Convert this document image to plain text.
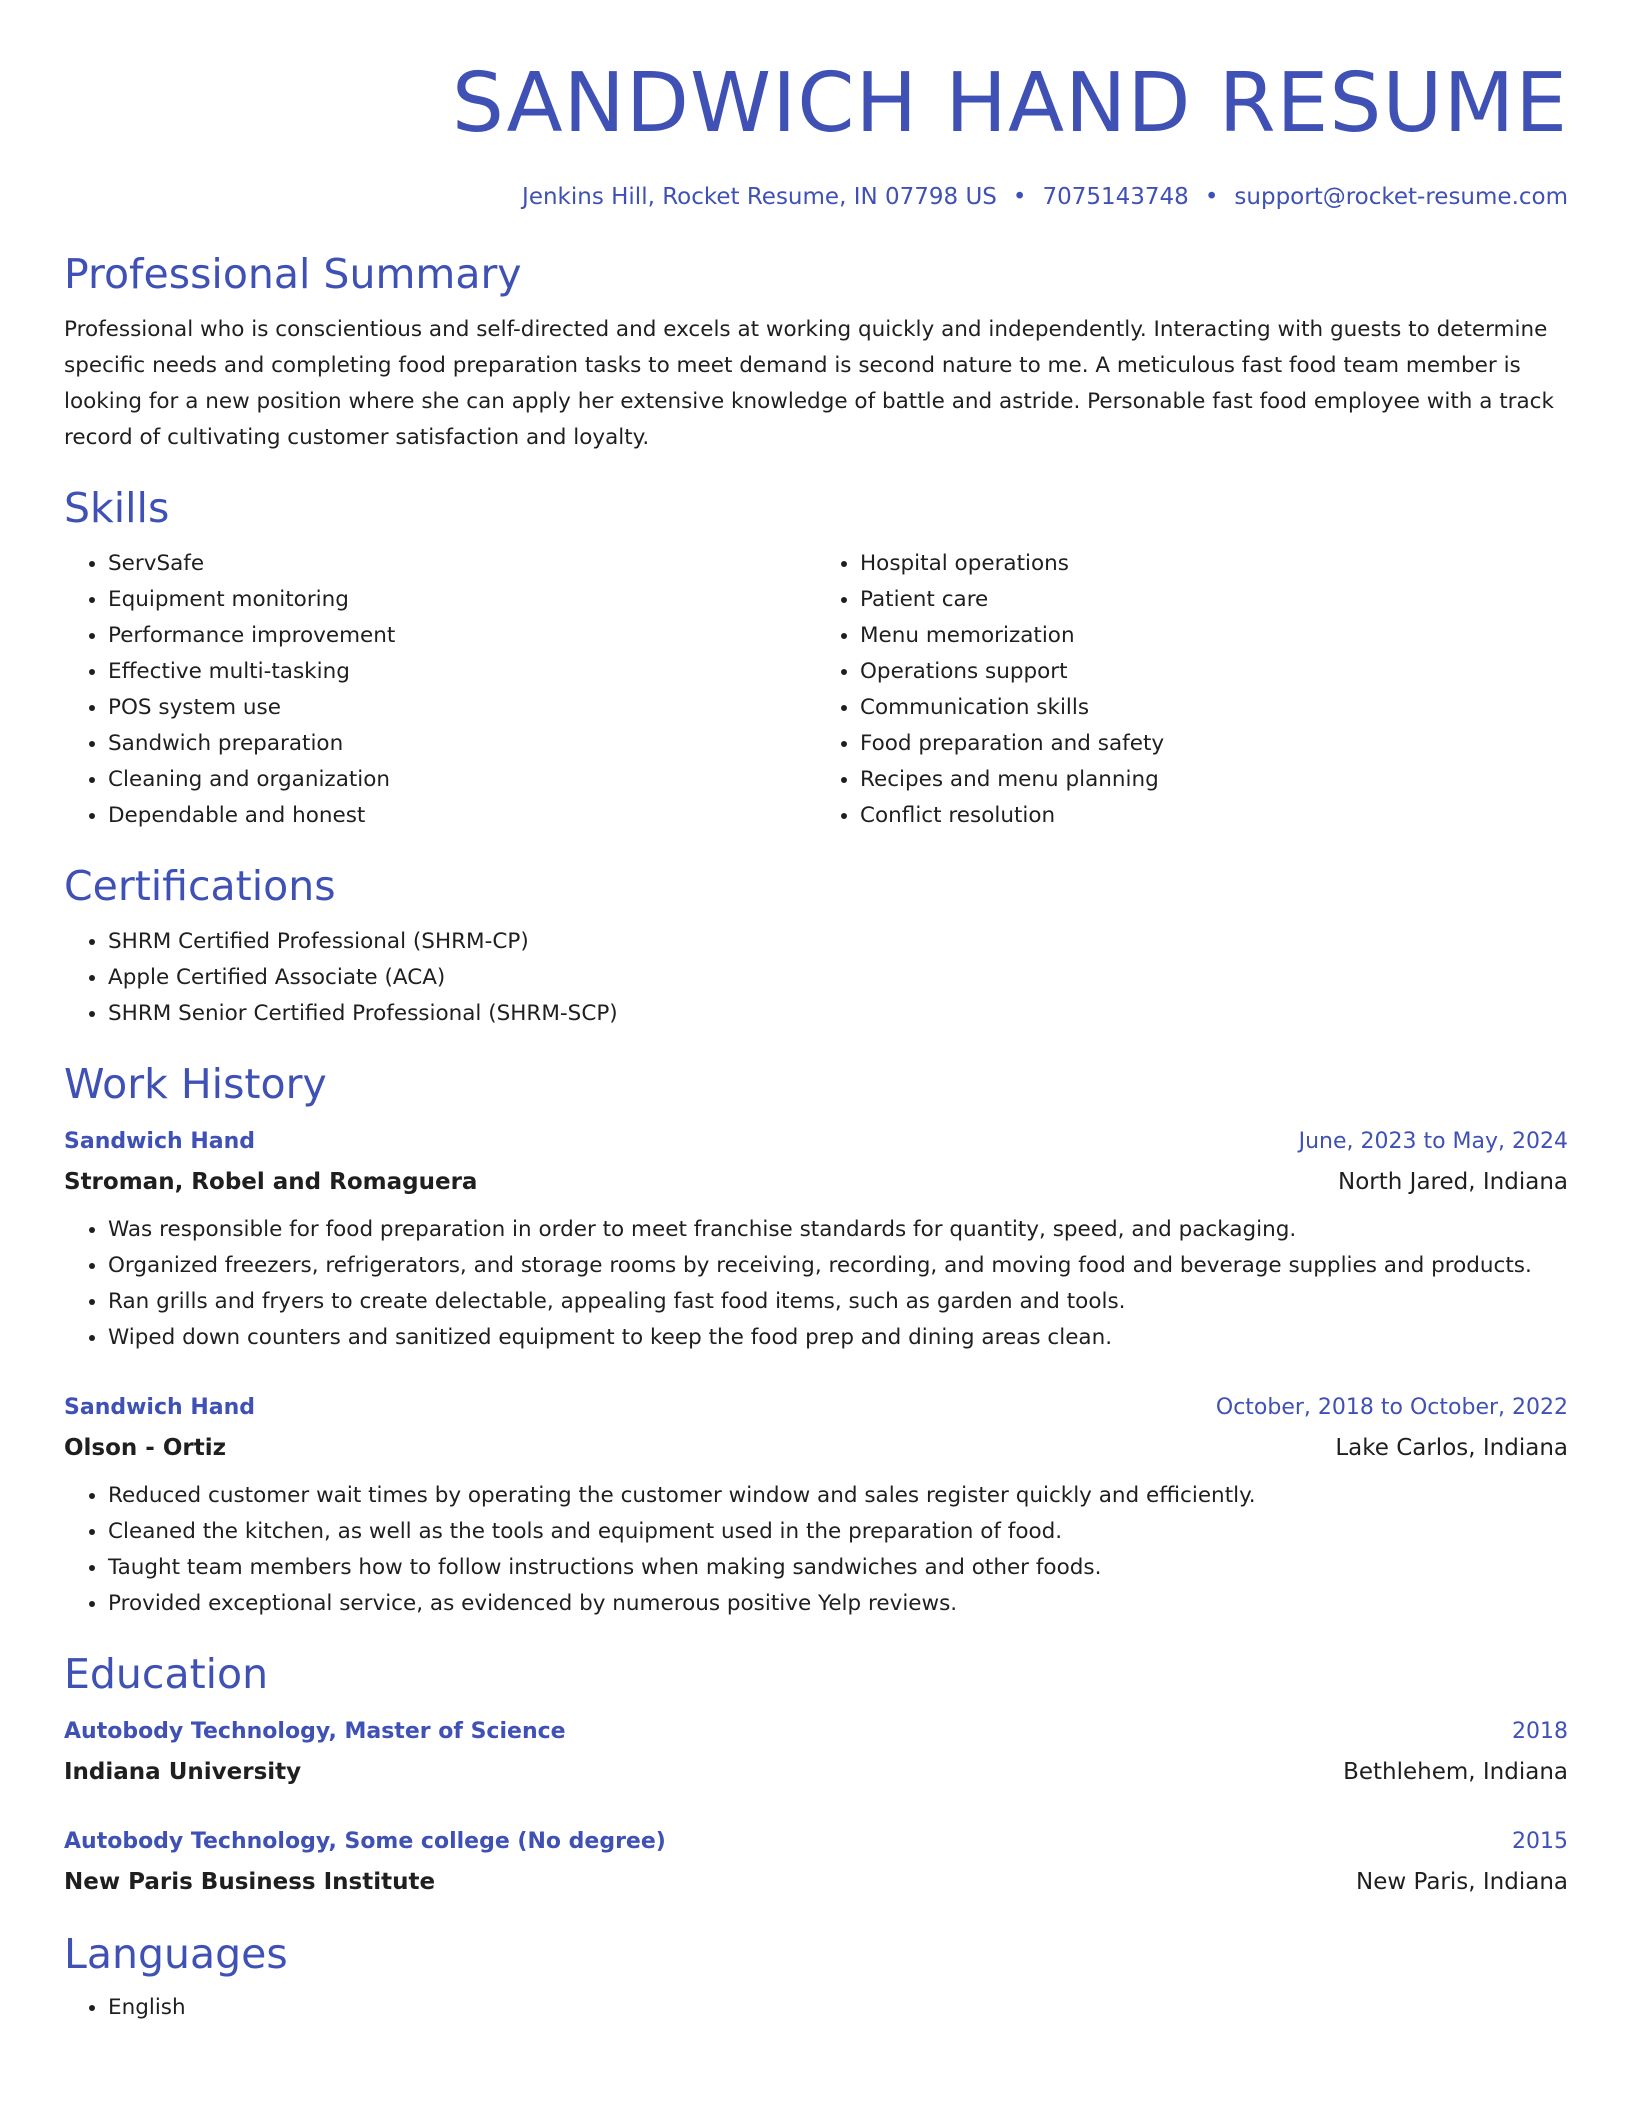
SANDWICH HAND RESUME
Jenkins Hill, Rocket Resume, IN 07798 US • 7075143748 • support@rocket-resume.com
Professional Summary

Professional who is conscientious and self-directed and excels at working quickly and independently. Interacting with guests to determine specific needs and completing food preparation tasks to meet demand is second nature to me. A meticulous fast food team member is looking for a new position where she can apply her extensive knowledge of battle and astride. Personable fast food employee with a track record of cultivating customer satisfaction and loyalty.

Skills
• ServSafe
• Equipment monitoring
• Performance improvement
• Effective multi-tasking
• POS system use
• Sandwich preparation
• Cleaning and organization
• Dependable and honest
• Hospital operations
• Patient care
• Menu memorization
• Operations support
• Communication skills
• Food preparation and safety
• Recipes and menu planning
• Conflict resolution
Certifications
• SHRM Certified Professional (SHRM-CP)
• Apple Certified Associate (ACA)
• SHRM Senior Certified Professional (SHRM-SCP)
Work History
Sandwich Hand	June, 2023 to May, 2024
Stroman, Robel and Romaguera	North Jared, Indiana
• Was responsible for food preparation in order to meet franchise standards for quantity, speed, and packaging.
• Organized freezers, refrigerators, and storage rooms by receiving, recording, and moving food and beverage supplies and products.
• Ran grills and fryers to create delectable, appealing fast food items, such as garden and tools.
• Wiped down counters and sanitized equipment to keep the food prep and dining areas clean.
Sandwich Hand	October, 2018 to October, 2022
Olson - Ortiz	Lake Carlos, Indiana
• Reduced customer wait times by operating the customer window and sales register quickly and efficiently.
• Cleaned the kitchen, as well as the tools and equipment used in the preparation of food.
• Taught team members how to follow instructions when making sandwiches and other foods.
• Provided exceptional service, as evidenced by numerous positive Yelp reviews.
Education
Autobody Technology, Master of Science	2018
Indiana University	Bethlehem, Indiana
Autobody Technology, Some college (No degree)	2015
New Paris Business Institute	New Paris, Indiana
Languages
• English
